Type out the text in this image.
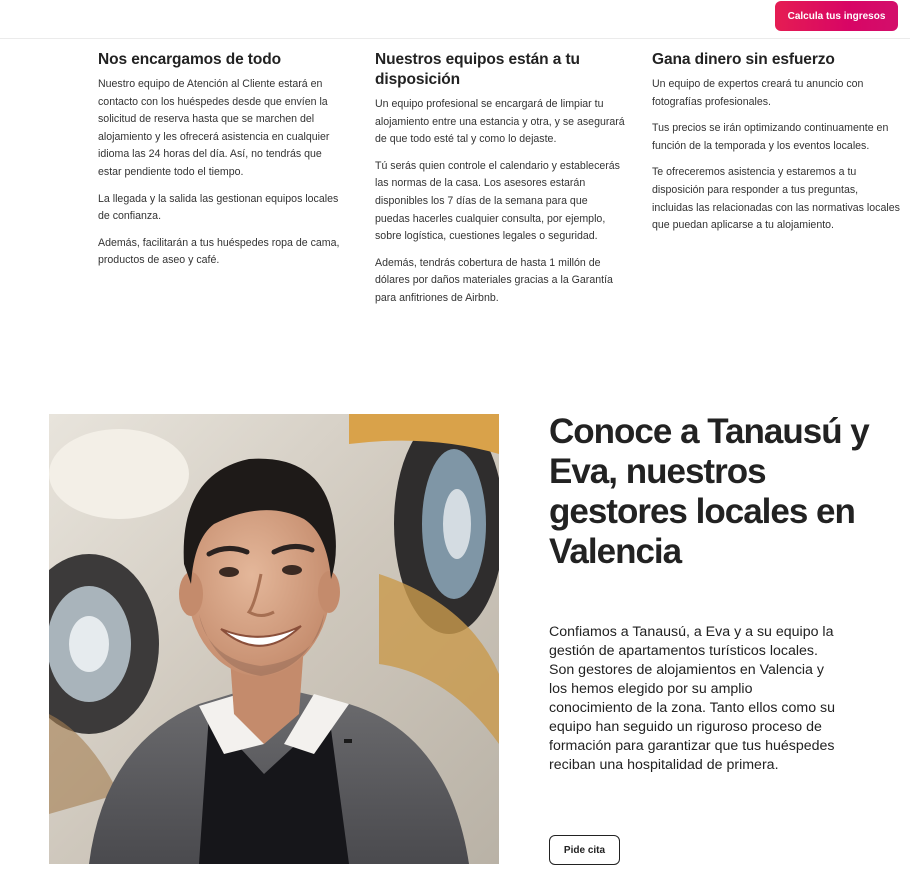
Calcula tus ingresos
Nos encargamos de todo

Nuestro equipo de Atención al Cliente estará en contacto con los huéspedes desde que envíen la solicitud de reserva hasta que se marchen del alojamiento y les ofrecerá asistencia en cualquier idioma las 24 horas del día. Así, no tendrás que estar pendiente todo el tiempo.

La llegada y la salida las gestionan equipos locales de confianza.

Además, facilitarán a tus huéspedes ropa de cama, productos de aseo y café.

Nuestros equipos están a tu disposición

Un equipo profesional se encargará de limpiar tu alojamiento entre una estancia y otra, y se asegurará de que todo esté tal y como lo dejaste.

Tú serás quien controle el calendario y establecerás las normas de la casa. Los asesores estarán disponibles los 7 días de la semana para que puedas hacerles cualquier consulta, por ejemplo, sobre logística, cuestiones legales o seguridad.

Además, tendrás cobertura de hasta 1 millón de dólares por daños materiales gracias a la Garantía para anfitriones de Airbnb.

Gana dinero sin esfuerzo

Un equipo de expertos creará tu anuncio con fotografías profesionales.

Tus precios se irán optimizando continuamente en función de la temporada y los eventos locales.

Te ofreceremos asistencia y estaremos a tu disposición para responder a tus preguntas, incluidas las relacionadas con las normativas locales que puedan aplicarse a tu alojamiento.

Conoce a Tanausú y Eva, nuestros gestores locales en Valencia

Confiamos a Tanausú, a Eva y a su equipo la gestión de apartamentos turísticos locales. Son gestores de alojamientos en Valencia y los hemos elegido por su amplio conocimiento de la zona. Tanto ellos como su equipo han seguido un riguroso proceso de formación para garantizar que tus huéspedes reciban una hospitalidad de primera.

Pide cita
